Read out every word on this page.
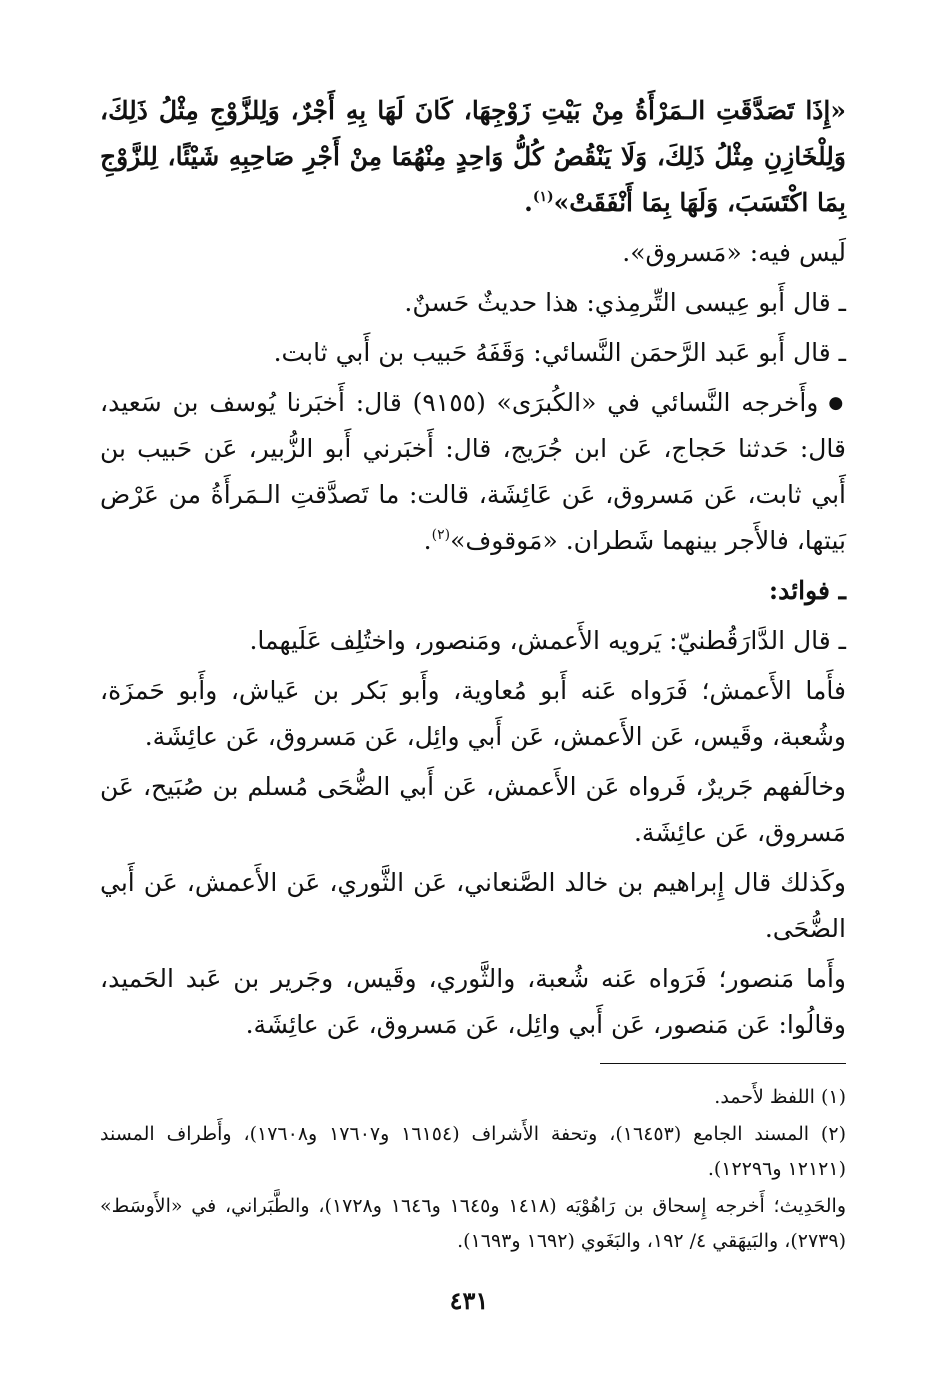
«إِذَا تَصَدَّقَتِ الـمَرْأَةُ مِنْ بَيْتِ زَوْجِهَا، كَانَ لَهَا بِهِ أَجْرٌ، وَلِلزَّوْجِ مِثْلُ ذَلِكَ، وَلِلْخَازِنِ مِثْلُ ذَلِكَ، وَلَا يَنْقُصُ كُلُّ وَاحِدٍ مِنْهُمَا مِنْ أَجْرِ صَاحِبِهِ شَيْئًا، لِلزَّوْجِ بِمَا اكْتَسَبَ، وَلَهَا بِمَا أَنْفَقَتْ»$^{(١)}$.

لَيس فيه: «مَسروق».

ـ قال أَبو عِيسى التِّرمِذي: هذا حديثٌ حَسنٌ.

ـ قال أَبو عَبد الرَّحمَن النَّسائي: وَقَفَهُ حَبيب بن أَبي ثابت.

● وأَخرجه النَّسائي في «الكُبرَى» (٩١٥٥) قال: أَخبَرنا يُوسف بن سَعيد، قال: حَدثنا حَجاج، عَن ابن جُرَيج، قال: أَخبَرني أَبو الزُّبير، عَن حَبيب بن أَبي ثابت، عَن مَسروق، عَن عَائِشَة، قالت: ما تَصدَّقتِ الـمَرأَةُ من عَرْض بَيتها، فالأَجر بينهما شَطران. «مَوقوف»$^{(٢)}$.

ـ فوائد:

ـ قال الدَّارَقُطنيّ: يَرويه الأَعمش، ومَنصور، واختُلِف عَلَيهما.

فأَما الأَعمش؛ فَرَواه عَنه أَبو مُعاوية، وأَبو بَكر بن عَياش، وأَبو حَمزَة، وشُعبة، وقَيس، عَن الأَعمش، عَن أَبي وائِل، عَن مَسروق، عَن عائِشَة.

وخالَفهم جَريرٌ، فَرواه عَن الأَعمش، عَن أَبي الضُّحَى مُسلم بن صُبَيح، عَن مَسروق، عَن عائِشَة.

وكَذلك قال إِبراهيم بن خالد الصَّنعاني، عَن الثَّوري، عَن الأَعمش، عَن أَبي الضُّحَى.

وأَما مَنصور؛ فَرَواه عَنه شُعبة، والثَّوري، وقَيس، وجَرير بن عَبد الحَميد، وقالُوا: عَن مَنصور، عَن أَبي وائِل، عَن مَسروق، عَن عائِشَة.

(١) اللفظ لأَحمد.

(٢) المسند الجامع (١٦٤٥٣)، وتحفة الأَشراف (١٦١٥٤ و١٧٦٠٧ و١٧٦٠٨)، وأَطراف المسند (١٢١٢١ و١٢٢٩٦).

والحَدِيث؛ أَخرجه إِسحاق بن رَاهُوْيَه (١٤١٨ و١٦٤٥ و١٦٤٦ و١٧٢٨)، والطَّبَراني، في «الأَوسَط» (٢٧٣٩)، والبَيهَقي ٤/ ١٩٢، والبَغَوي (١٦٩٢ و١٦٩٣).

٤٣١
